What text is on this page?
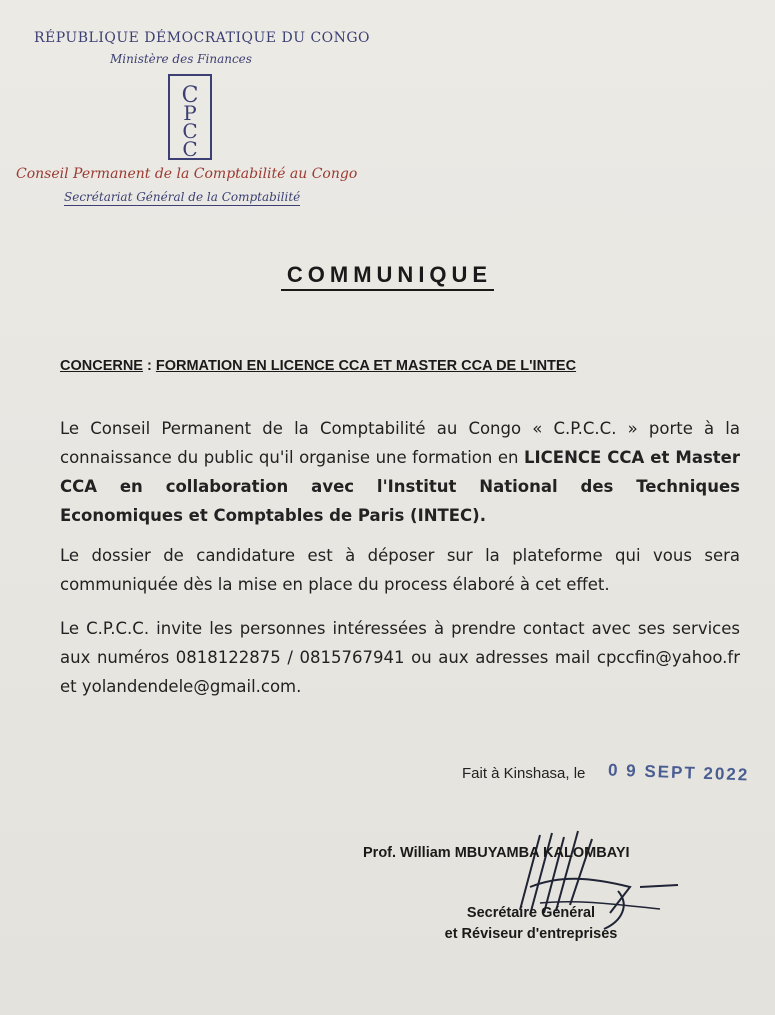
RÉPUBLIQUE DÉMOCRATIQUE DU CONGO
Ministère des Finances
C
P
C
C
Conseil Permanent de la Comptabilité au Congo
Secrétariat Général de la Comptabilité
COMMUNIQUE
CONCERNE : FORMATION EN LICENCE CCA ET MASTER CCA DE L'INTEC
Le Conseil Permanent de la Comptabilité au Congo « C.P.C.C. » porte à la connaissance du public qu'il organise une formation en LICENCE CCA et Master CCA en collaboration avec l'Institut National des Techniques Economiques et Comptables de Paris (INTEC).
Le dossier de candidature est à déposer sur la plateforme qui vous sera communiquée dès la mise en place du process élaboré à cet effet.
Le C.P.C.C. invite les personnes intéressées à prendre contact avec ses services aux numéros 0818122875 / 0815767941 ou aux adresses mail cpccfin@yahoo.fr et yolandendele@gmail.com.
Fait à Kinshasa, le 0 9 SEPT 2022
Prof. William MBUYAMBA KALOMBAYI
Secrétaire Général
et Réviseur d'entreprises
